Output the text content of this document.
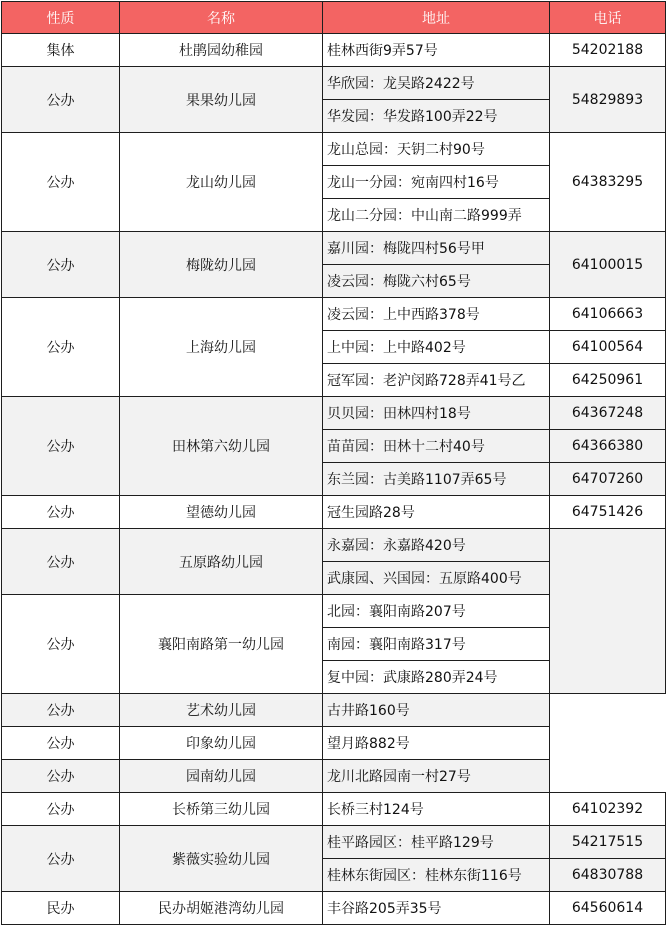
性质	名称	地址	电话	
集体	杜鹃园幼稚园	桂林西街9弄57号	54202188	
公办	果果幼儿园	华欣园：龙吴路2422号	54829893	
		华发园：华发路100弄22号		
公办	龙山幼儿园	龙山总园：天钥二村90号	64383295	
		龙山一分园：宛南四村16号		
		龙山二分园：中山南二路999弄		
公办	梅陇幼儿园	嘉川园：梅陇四村56号甲	64100015	
		凌云园：梅陇六村65号		
公办	上海幼儿园	凌云园：上中西路378号	64106663	
		上中园：上中路402号	64100564	
		冠军园：老沪闵路728弄41号乙	64250961	
公办	田林第六幼儿园	贝贝园：田林四村18号	64367248	
		苗苗园：田林十二村40号	64366380	
		东兰园：古美路1107弄65号	64707260	
公办	望德幼儿园	冠生园路28号	64751426	
公办	五原路幼儿园	永嘉园：永嘉路420号		
		武康园、兴国园：五原路400号		
公办	襄阳南路第一幼儿园	北园：襄阳南路207号	
		南园：襄阳南路317号		
		复中园：武康路280弄24号		
公办	艺术幼儿园	古井路160号		
公办	印象幼儿园	望月路882号		
公办	园南幼儿园	龙川北路园南一村27号		
公办	长桥第三幼儿园	长桥三村124号	64102392	
公办	紫薇实验幼儿园	桂平路园区：桂平路129号	54217515	
		桂林东街园区：桂林东街116号	64830788	
民办	民办胡姬港湾幼儿园	丰谷路205弄35号	64560614	
